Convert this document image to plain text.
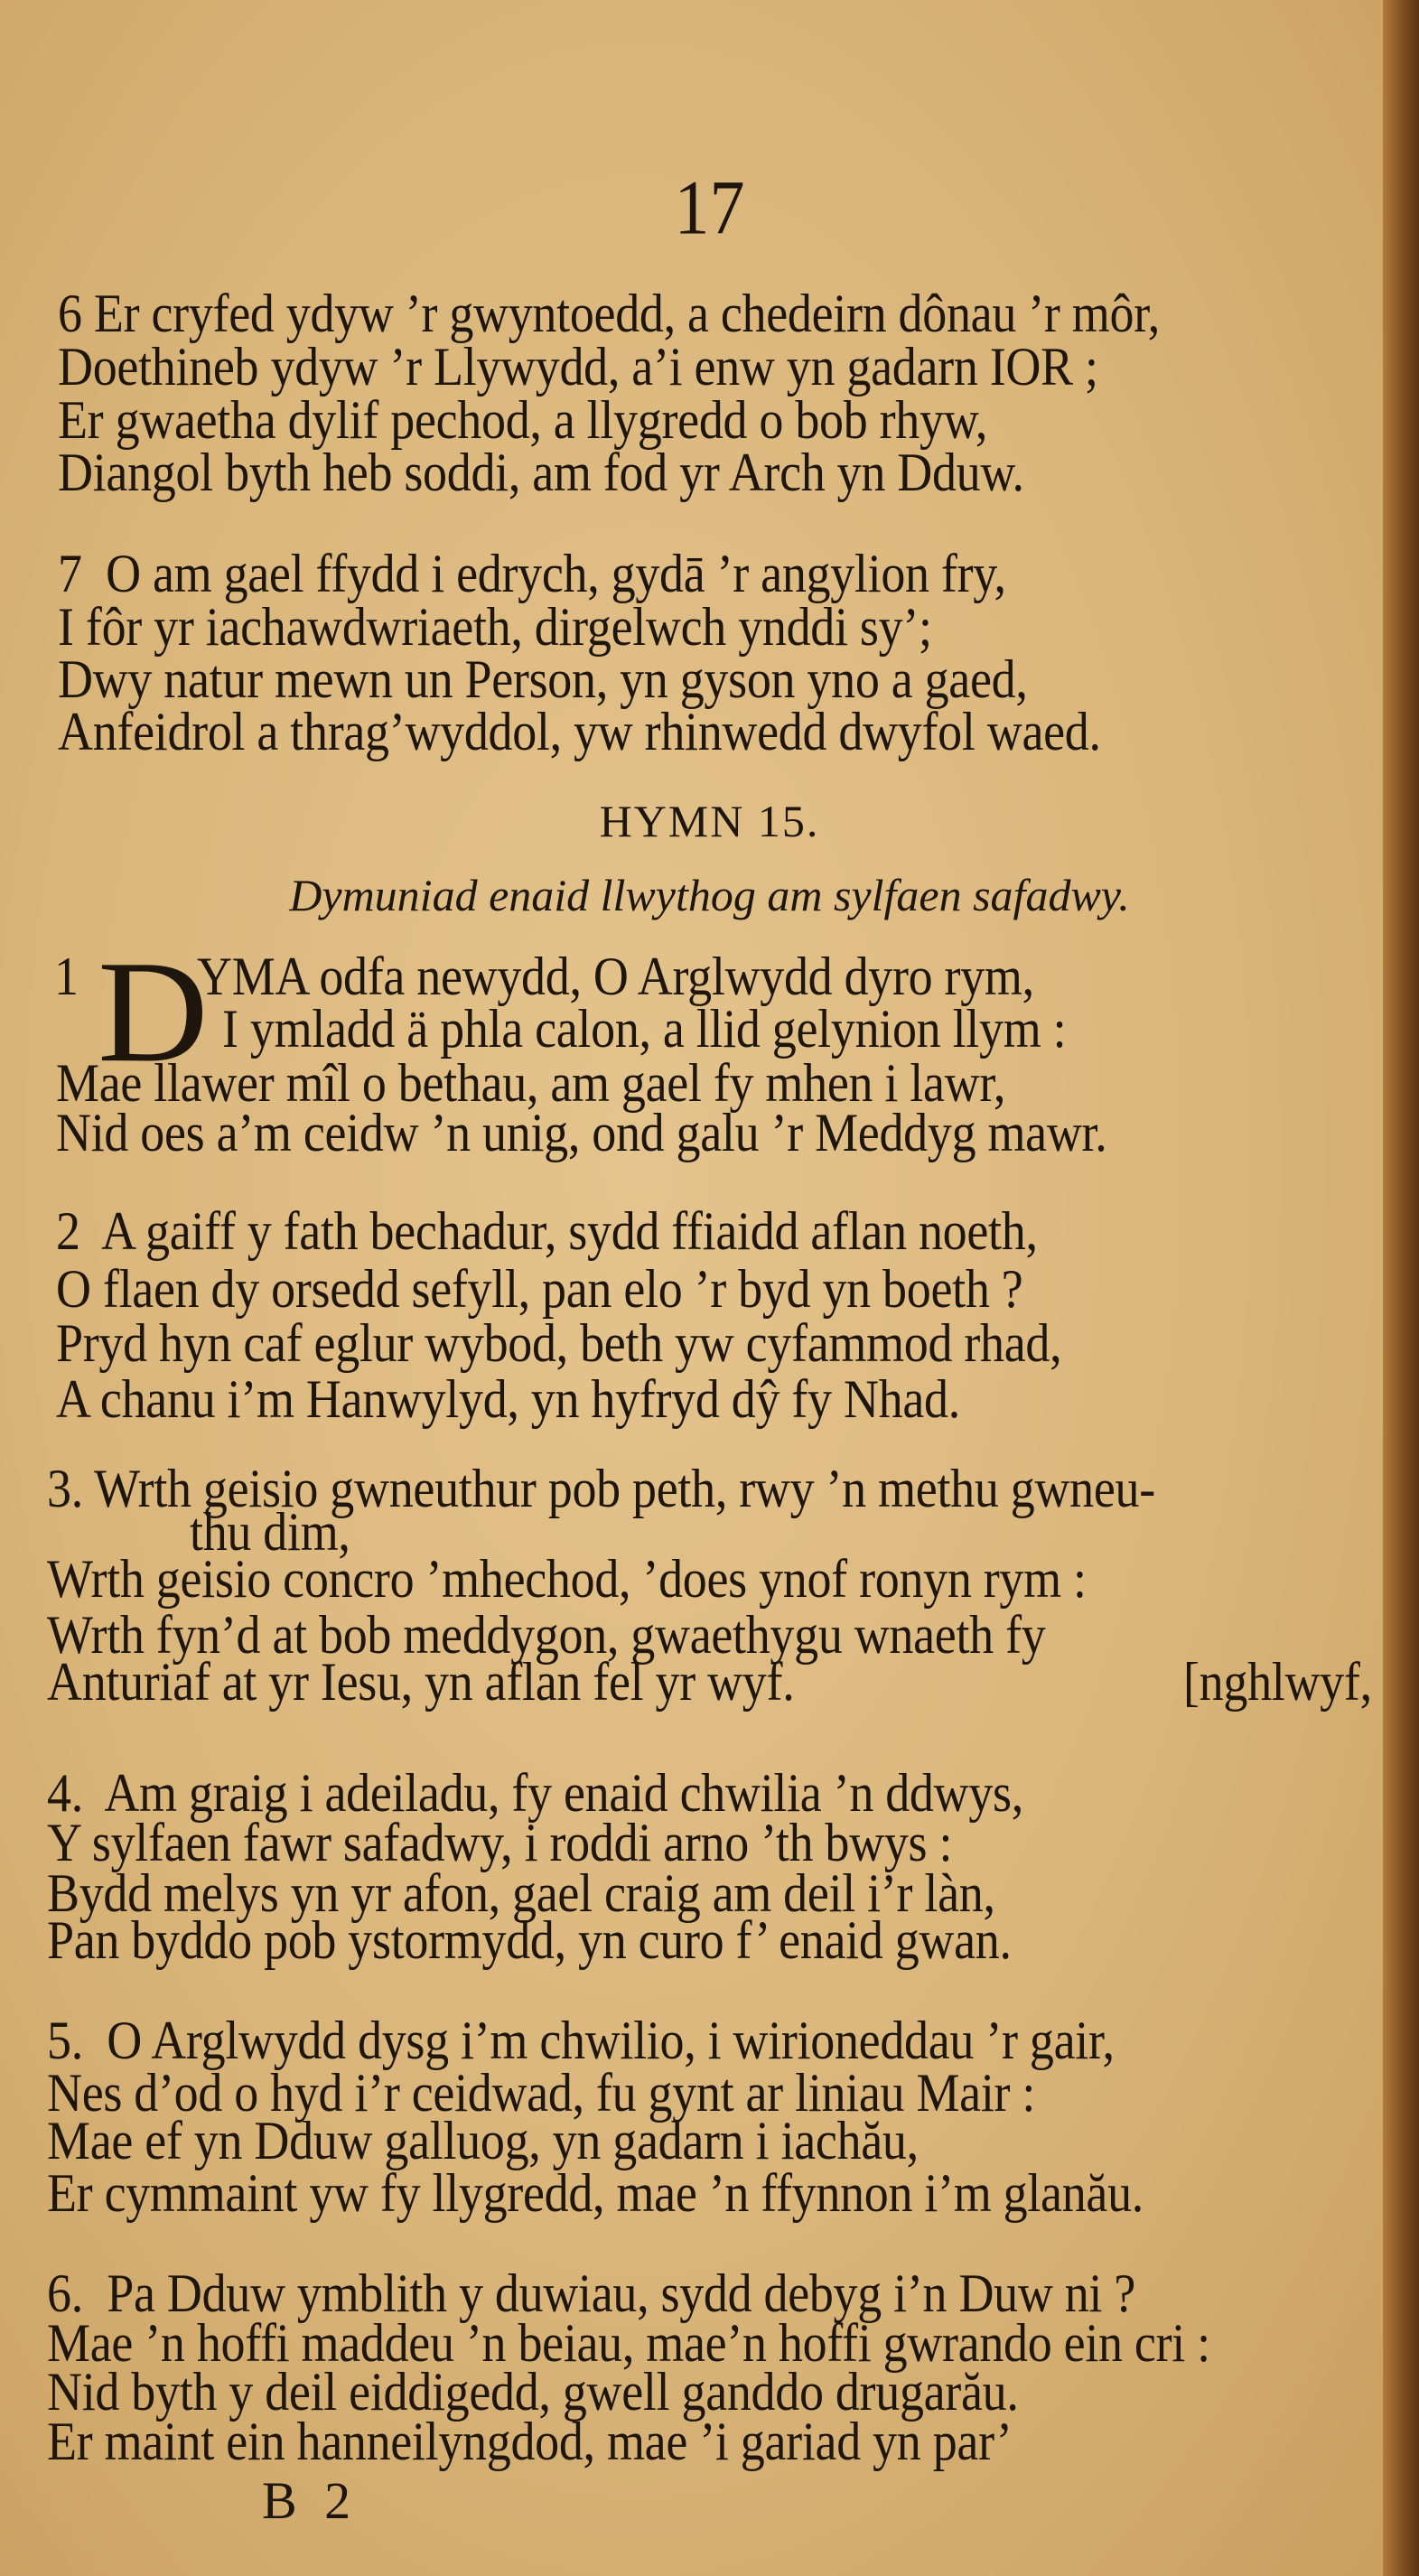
17
HYMN 15.
Dymuniad enaid llwythog am sylfaen safadwy.
D
B 2
6 Er cryfed ydyw ’r gwyntoedd, a chedeirn dônau ’r môr,
Doethineb ydyw ’r Llywydd, a’i enw yn gadarn IOR ;
Er gwaetha dylif pechod, a llygredd o bob rhyw,
Diangol byth heb soddi, am fod yr Arch yn Dduw.
7  O am gael ffydd i edrych, gydā ’r angylion fry,
I fôr yr iachawdwriaeth, dirgelwch ynddi sy’;
Dwy natur mewn un Person, yn gyson yno a gaed,
Anfeidrol a thrag’wyddol, yw rhinwedd dwyfol waed.
1 YMA odfa newydd, O Arglwydd dyro rym,
I ymladd ä phla calon, a llid gelynion llym :
Mae llawer mîl o bethau, am gael fy mhen i lawr,
Nid oes a’m ceidw ’n unig, ond galu ’r Meddyg mawr.
2  A gaiff y fath bechadur, sydd ffiaidd aflan noeth,
O flaen dy orsedd sefyll, pan elo ’r byd yn boeth ?
Pryd hyn caf eglur wybod, beth yw cyfammod rhad,
A chanu i’m Hanwylyd, yn hyfryd dŷ fy Nhad.
3. Wrth geisio gwneuthur pob peth, rwy ’n methu gwneu-
thu dim,
Wrth geisio concro ’mhechod, ’does ynof ronyn rym :
Wrth fyn’d at bob meddygon, gwaethygu wnaeth fy
Anturiaf at yr Iesu, yn aflan fel yr wyf.	[nghlwyf,
4.  Am graig i adeiladu, fy enaid chwilia ’n ddwys,
Y sylfaen fawr safadwy, i roddi arno ’th bwys :
Bydd melys yn yr afon, gael craig am deil i’r làn,
Pan byddo pob ystormydd, yn curo f’ enaid gwan.
5.  O Arglwydd dysg i’m chwilio, i wirioneddau ’r gair,
Nes d’od o hyd i’r ceidwad, fu gynt ar liniau Mair :
Mae ef yn Dduw galluog, yn gadarn i iachău,
Er cymmaint yw fy llygredd, mae ’n ffynnon i’m glanău.
6.  Pa Dduw ymblith y duwiau, sydd debyg i’n Duw ni ?
Mae ’n hoffi maddeu ’n beiau, mae’n hoffi gwrando ein cri :
Nid byth y deil eiddigedd, gwell ganddo drugarău.
Er maint ein hanneilyngdod, mae ’i gariad yn par’
